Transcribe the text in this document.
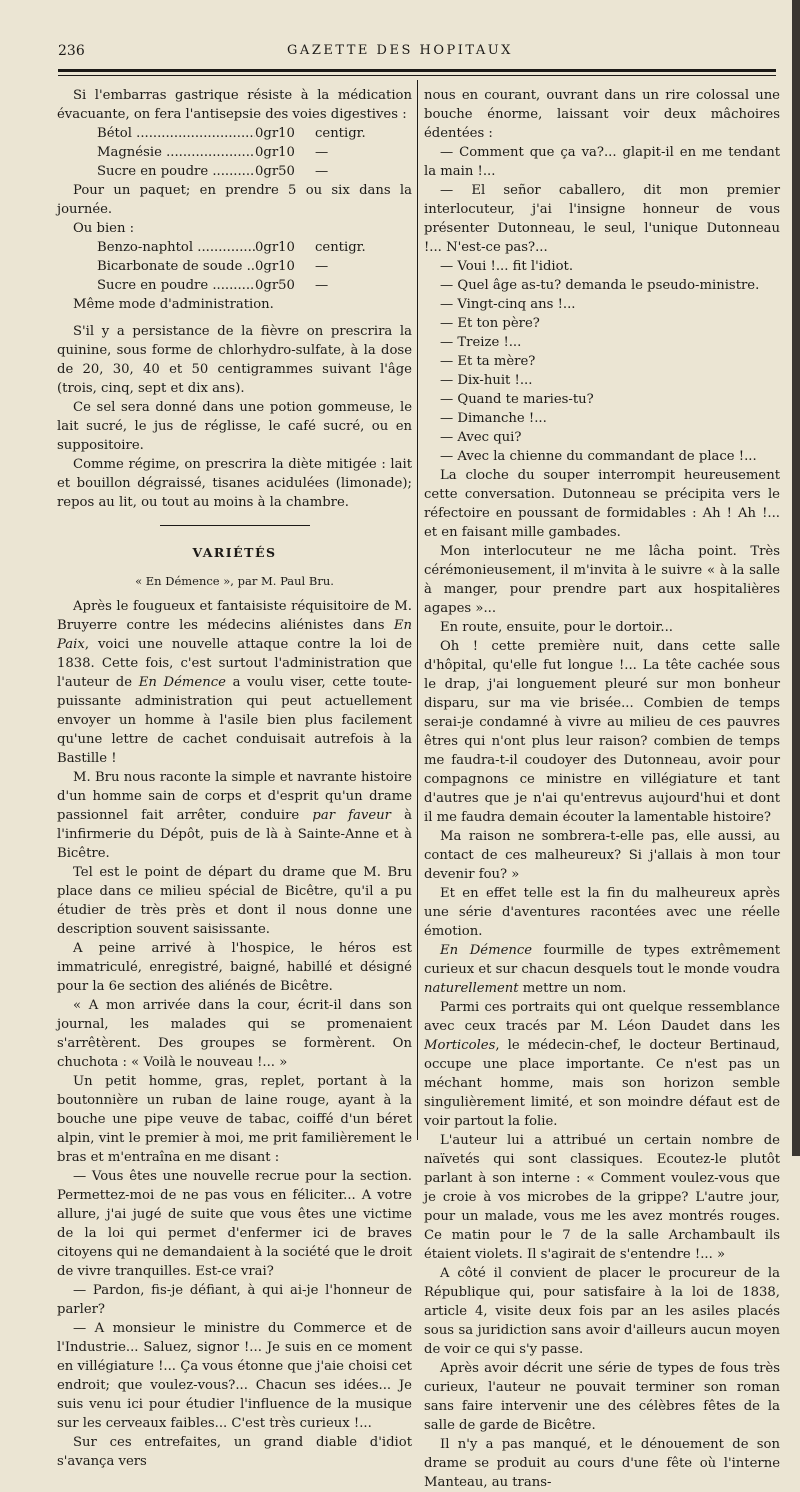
236	GAZETTE DES HOPITAUX

Si l'embarras gastrique résiste à la médication évacuante, on fera l'antisepsie des voies digestives :

Bétol .....	0gr10	centigr.
Magnésie .....	0gr10	—
Sucre en poudre .....	0gr50	—

Pour un paquet; en prendre 5 ou six dans la journée.

Ou bien :

Benzo-naphtol .....	0gr10	centigr.
Bicarbonate de soude ..... 0gr10	—
Sucre en poudre .....	0gr50	—

Même mode d'administration.

S'il y a persistance de la fièvre on prescrira la quinine, sous forme de chlorhydro-sulfate, à la dose de 20, 30, 40 et 50 centigrammes suivant l'âge (trois, cinq, sept et dix ans).

Ce sel sera donné dans une potion gommeuse, le lait sucré, le jus de réglisse, le café sucré, ou en suppositoire.

Comme régime, on prescrira la diète mitigée : lait et bouillon dégraissé, tisanes acidulées (limonade); repos au lit, ou tout au moins à la chambre.

VARIÉTÉS
« En Démence », par M. Paul Bru.

Après le fougueux et fantaisiste réquisitoire de M. Bruyerre contre les médecins aliénistes dans En Paix, voici une nouvelle attaque contre la loi de 1838. Cette fois, c'est surtout l'administration que l'auteur de En Démence a voulu viser, cette toute-puissante administration qui peut actuellement envoyer un homme à l'asile bien plus facilement qu'une lettre de cachet conduisait autrefois à la Bastille !

M. Bru nous raconte la simple et navrante histoire d'un homme sain de corps et d'esprit qu'un drame passionnel fait arrêter, conduire par faveur à l'infirmerie du Dépôt, puis de là à Sainte-Anne et à Bicêtre.

Tel est le point de départ du drame que M. Bru place dans ce milieu spécial de Bicêtre, qu'il a pu étudier de très près et dont il nous donne une description souvent saisissante.

A peine arrivé à l'hospice, le héros est immatriculé, enregistré, baigné, habillé et désigné pour la 6e section des aliénés de Bicêtre.

« A mon arrivée dans la cour, écrit-il dans son journal, les malades qui se promenaient s'arrêtèrent. Des groupes se formèrent. On chuchota : « Voilà le nouveau !... »

Un petit homme, gras, replet, portant à la boutonnière un ruban de laine rouge, ayant à la bouche une pipe veuve de tabac, coiffé d'un béret alpin, vint le premier à moi, me prit familièrement le bras et m'entraîna en me disant :

— Vous êtes une nouvelle recrue pour la section. Permettez-moi de ne pas vous en féliciter... A votre allure, j'ai jugé de suite que vous êtes une victime de la loi qui permet d'enfermer ici de braves citoyens qui ne demandaient à la société que le droit de vivre tranquilles. Est-ce vrai?

— Pardon, fis-je défiant, à qui ai-je l'honneur de parler?

— A monsieur le ministre du Commerce et de l'Industrie... Saluez, signor !... Je suis en ce moment en villégiature !... Ça vous étonne que j'aie choisi cet endroit; que voulez-vous?... Chacun ses idées... Je suis venu ici pour étudier l'influence de la musique sur les cerveaux faibles... C'est très curieux !...

Sur ces entrefaites, un grand diable d'idiot s'avança vers

nous en courant, ouvrant dans un rire colossal une bouche énorme, laissant voir deux mâchoires édentées :

— Comment que ça va?... glapit-il en me tendant la main !...

— El señor caballero, dit mon premier interlocuteur, j'ai l'insigne honneur de vous présenter Dutonneau, le seul, l'unique Dutonneau !... N'est-ce pas?...

— Voui !... fit l'idiot.

— Quel âge as-tu? demanda le pseudo-ministre.

— Vingt-cinq ans !...

— Et ton père?

— Treize !...

— Et ta mère?

— Dix-huit !...

— Quand te maries-tu?

— Dimanche !...

— Avec qui?

— Avec la chienne du commandant de place !...

La cloche du souper interrompit heureusement cette conversation. Dutonneau se précipita vers le réfectoire en poussant de formidables : Ah ! Ah !... et en faisant mille gambades.

Mon interlocuteur ne me lâcha point. Très cérémonieusement, il m'invita à le suivre « à la salle à manger, pour prendre part aux hospitalières agapes »...

En route, ensuite, pour le dortoir...

Oh ! cette première nuit, dans cette salle d'hôpital, qu'elle fut longue !... La tête cachée sous le drap, j'ai longuement pleuré sur mon bonheur disparu, sur ma vie brisée... Combien de temps serai-je condamné à vivre au milieu de ces pauvres êtres qui n'ont plus leur raison? combien de temps me faudra-t-il coudoyer des Dutonneau, avoir pour compagnons ce ministre en villégiature et tant d'autres que je n'ai qu'entrevus aujourd'hui et dont il me faudra demain écouter la lamentable histoire?

Ma raison ne sombrera-t-elle pas, elle aussi, au contact de ces malheureux? Si j'allais à mon tour devenir fou? »

Et en effet telle est la fin du malheureux après une série d'aventures racontées avec une réelle émotion.

En Démence fourmille de types extrêmement curieux et sur chacun desquels tout le monde voudra naturellement mettre un nom.

Parmi ces portraits qui ont quelque ressemblance avec ceux tracés par M. Léon Daudet dans les Morticoles, le médecin-chef, le docteur Bertinaud, occupe une place importante. Ce n'est pas un méchant homme, mais son horizon semble singulièrement limité, et son moindre défaut est de voir partout la folie.

L'auteur lui a attribué un certain nombre de naïvetés qui sont classiques. Ecoutez-le plutôt parlant à son interne : « Comment voulez-vous que je croie à vos microbes de la grippe? L'autre jour, pour un malade, vous me les avez montrés rouges. Ce matin pour le 7 de la salle Archambault ils étaient violets. Il s'agirait de s'entendre !... »

A côté il convient de placer le procureur de la République qui, pour satisfaire à la loi de 1838, article 4, visite deux fois par an les asiles placés sous sa juridiction sans avoir d'ailleurs aucun moyen de voir ce qui s'y passe.

Après avoir décrit une série de types de fous très curieux, l'auteur ne pouvait terminer son roman sans faire intervenir une des célèbres fêtes de la salle de garde de Bicêtre.

Il n'y a pas manqué, et le dénouement de son drame se produit au cours d'une fête où l'interne Manteau, au trans-
